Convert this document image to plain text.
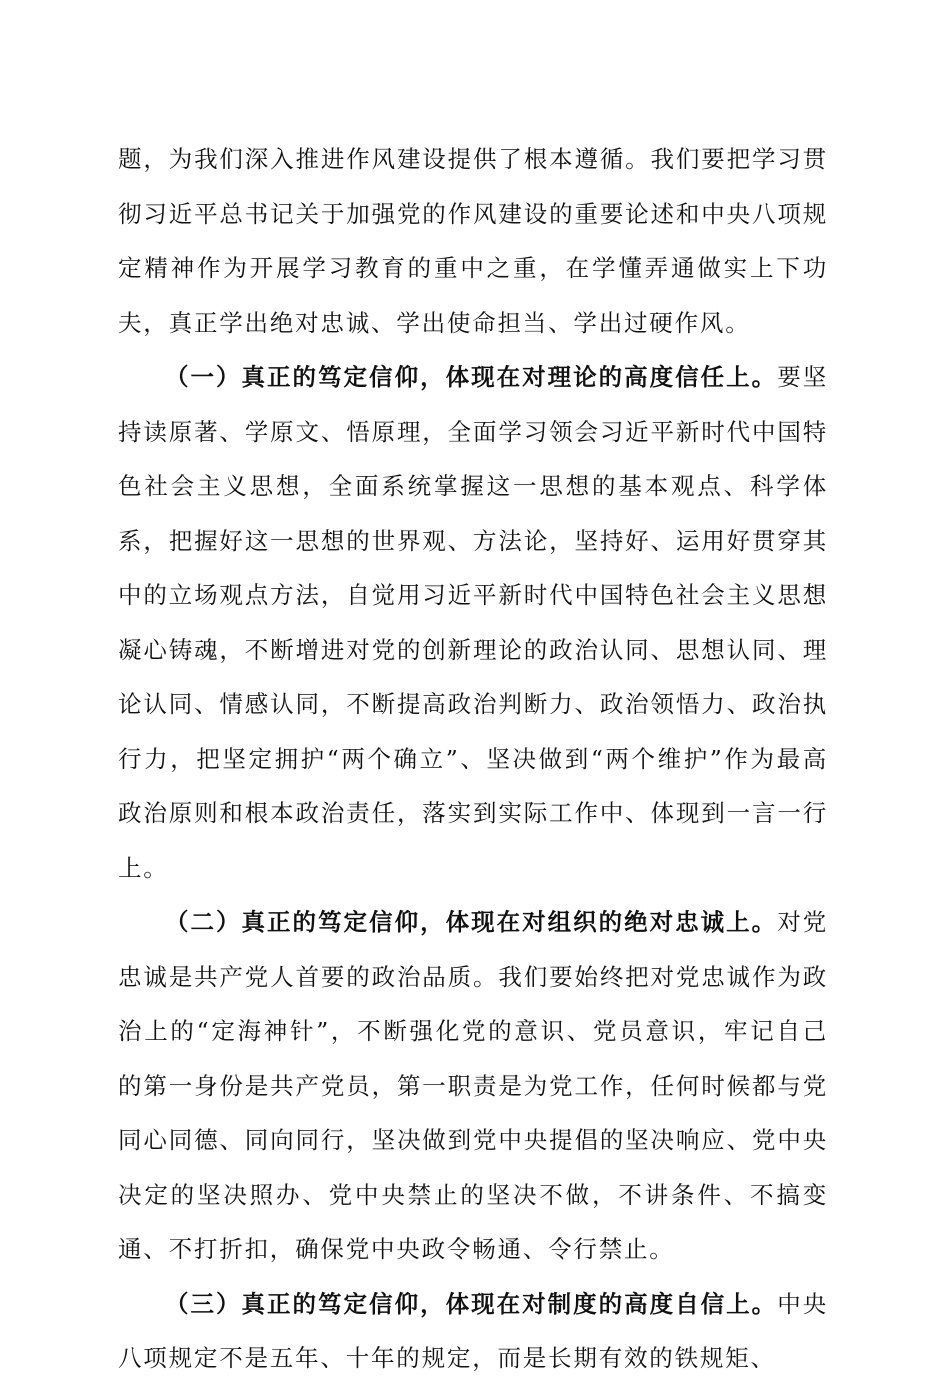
题，为我们深入推进作风建设提供了根本遵循。我们要把学习贯彻习近平总书记关于加强党的作风建设的重要论述和中央八项规定精神作为开展学习教育的重中之重，在学懂弄通做实上下功夫，真正学出绝对忠诚、学出使命担当、学出过硬作风。

（一）真正的笃定信仰，体现在对理论的高度信任上。要坚持读原著、学原文、悟原理，全面学习领会习近平新时代中国特色社会主义思想，全面系统掌握这一思想的基本观点、科学体系，把握好这一思想的世界观、方法论，坚持好、运用好贯穿其中的立场观点方法，自觉用习近平新时代中国特色社会主义思想凝心铸魂，不断增进对党的创新理论的政治认同、思想认同、理论认同、情感认同，不断提高政治判断力、政治领悟力、政治执行力，把坚定拥护“两个确立”、坚决做到“两个维护”作为最高政治原则和根本政治责任，落实到实际工作中、体现到一言一行上。

（二）真正的笃定信仰，体现在对组织的绝对忠诚上。对党忠诚是共产党人首要的政治品质。我们要始终把对党忠诚作为政治上的“定海神针”，不断强化党的意识、党员意识，牢记自己的第一身份是共产党员，第一职责是为党工作，任何时候都与党同心同德、同向同行，坚决做到党中央提倡的坚决响应、党中央决定的坚决照办、党中央禁止的坚决不做，不讲条件、不搞变通、不打折扣，确保党中央政令畅通、令行禁止。

（三）真正的笃定信仰，体现在对制度的高度自信上。中央八项规定不是五年、十年的规定，而是长期有效的铁规矩、
